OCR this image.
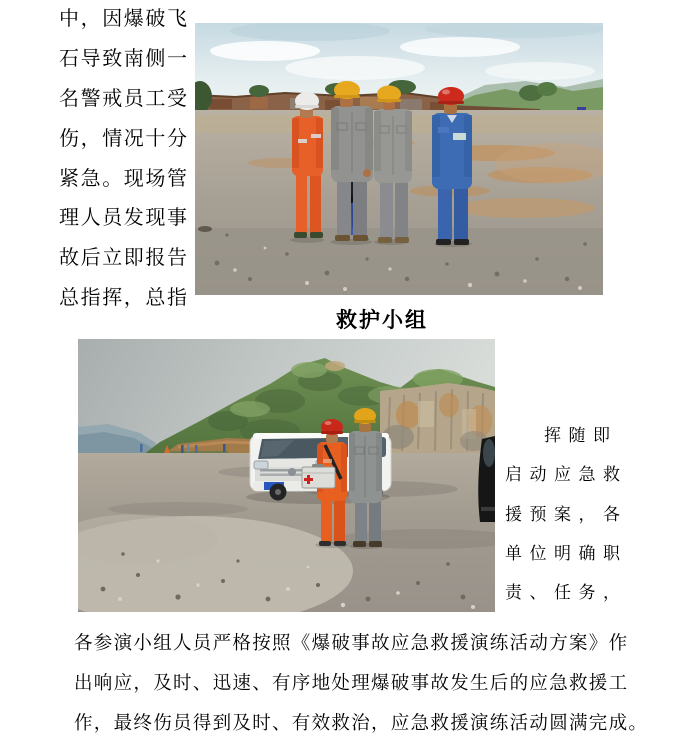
中，因爆破飞
石导致南侧一
名警戒员工受
伤，情况十分
紧急。现场管
理人员发现事
故后立即报告
总指挥，总指
救护小组
挥随即
启动应急救
援预案，各
单位明确职
责、任务，
各参演小组人员严格按照《爆破事故应急救援演练活动方案》作
出响应，及时、迅速、有序地处理爆破事故发生后的应急救援工
作，最终伤员得到及时、有效救治，应急救援演练活动圆满完成。
